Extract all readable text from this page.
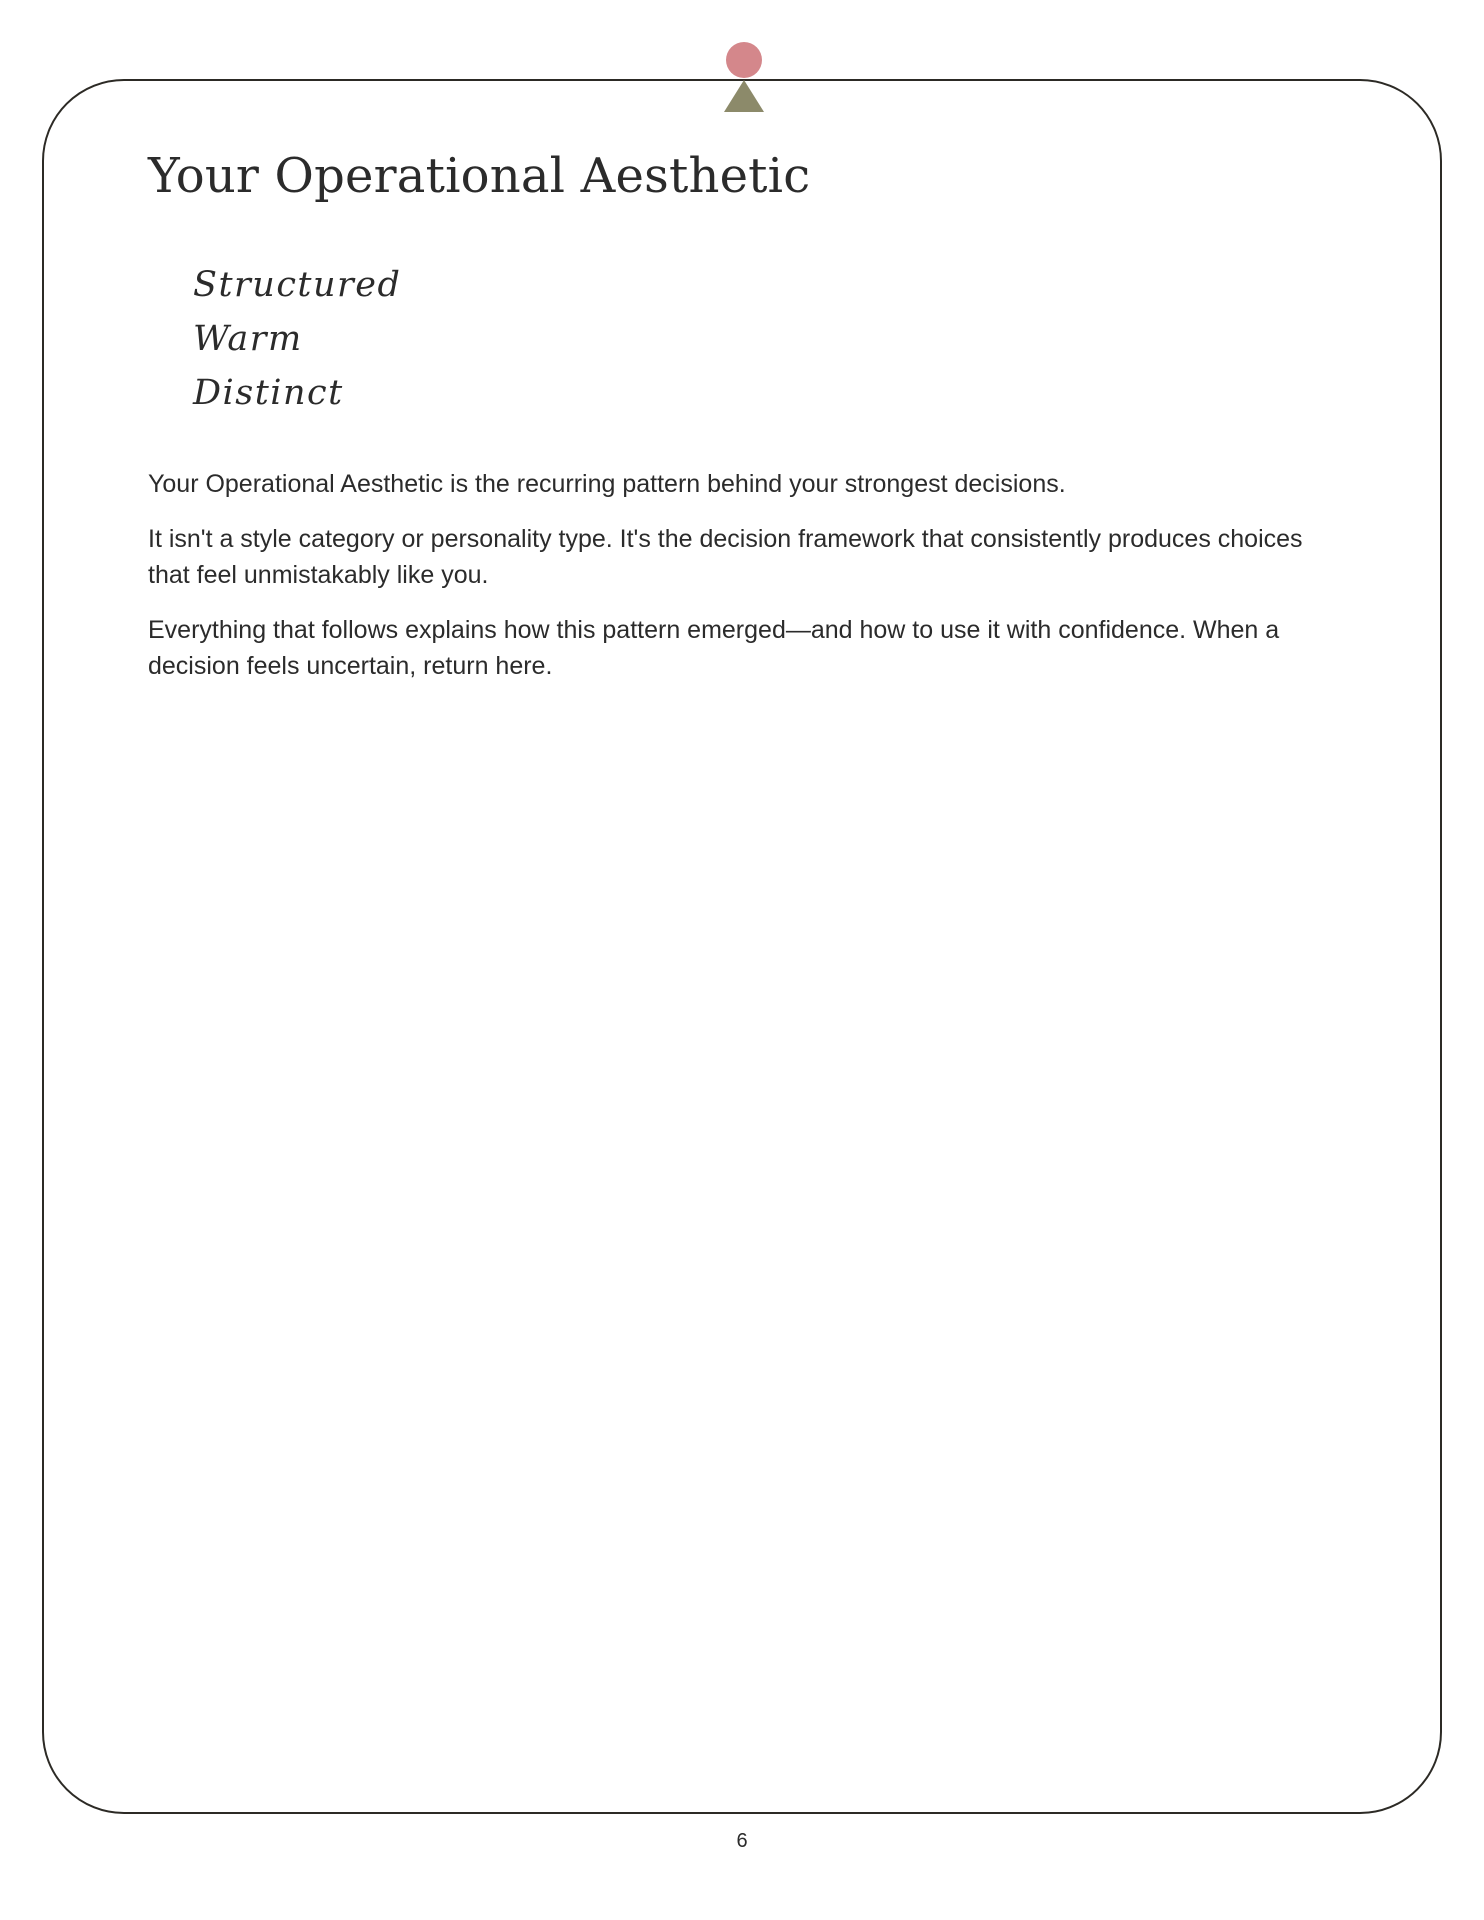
Your Operational Aesthetic
Structured
Warm
Distinct

Your Operational Aesthetic is the recurring pattern behind your strongest decisions.

It isn't a style category or personality type. It's the decision framework that consistently produces choices that feel unmistakably like you.

Everything that follows explains how this pattern emerged—and how to use it with confidence. When a decision feels uncertain, return here.

6
